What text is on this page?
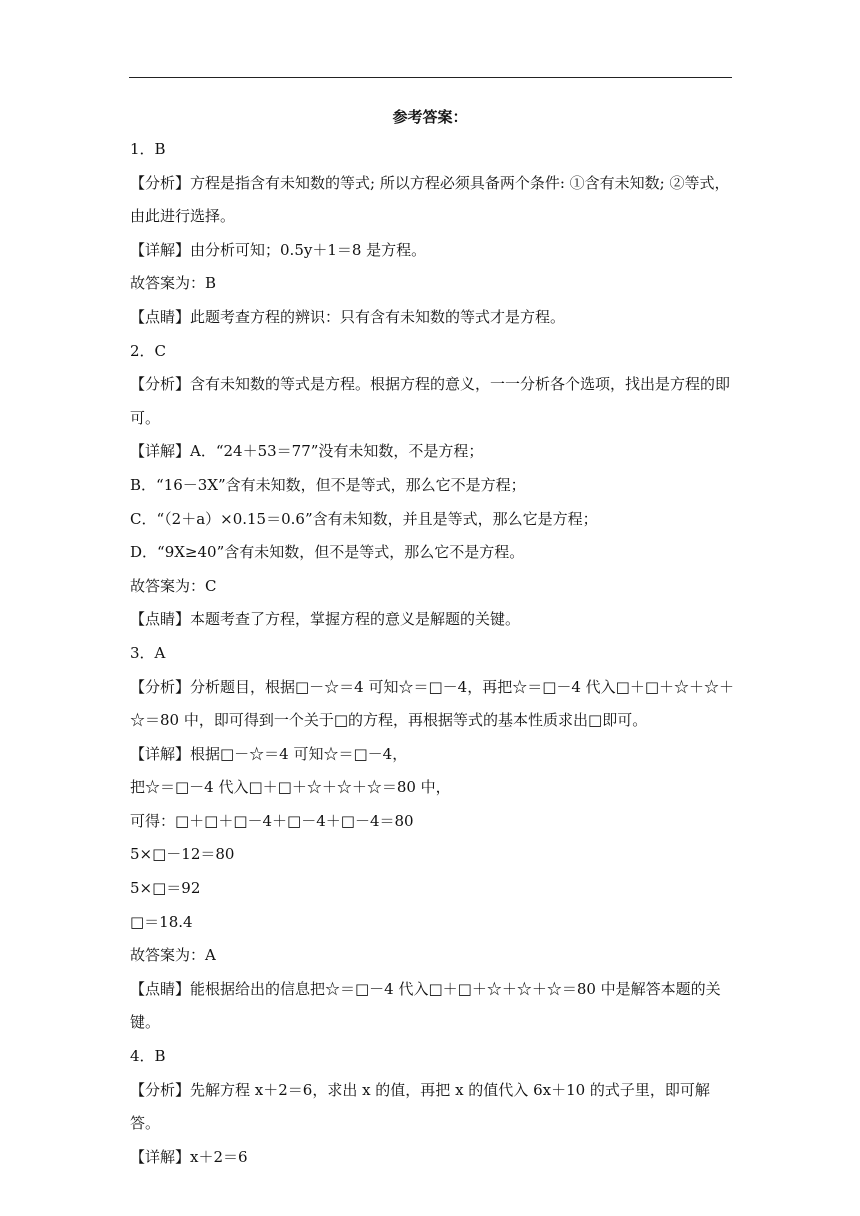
参考答案：
1．B
【分析】方程是指含有未知数的等式; 所以方程必须具备两个条件: ①含有未知数; ②等式，由此进行选择。
【详解】由分析可知；0.5y＋1＝8 是方程。
故答案为：B
【点睛】此题考查方程的辨识：只有含有未知数的等式才是方程。
2．C
【分析】含有未知数的等式是方程。根据方程的意义，一一分析各个选项，找出是方程的即可。
【详解】A．“24＋53＝77”没有未知数，不是方程；
B．“16－3X”含有未知数，但不是等式，那么它不是方程；
C．“（2＋a）×0.15＝0.6”含有未知数，并且是等式，那么它是方程；
D．“9X≥40”含有未知数，但不是等式，那么它不是方程。
故答案为：C
【点睛】本题考查了方程，掌握方程的意义是解题的关键。
3．A
【分析】分析题目，根据□－☆＝4 可知☆＝□－4，再把☆＝□－4 代入□＋□＋☆＋☆＋☆＝80 中，即可得到一个关于□的方程，再根据等式的基本性质求出□即可。
【详解】根据□－☆＝4 可知☆＝□－4，
把☆＝□－4 代入□＋□＋☆＋☆＋☆＝80 中，
可得：□＋□＋□－4＋□－4＋□－4＝80
5×□－12＝80
5×□＝92
□＝18.4
故答案为：A
【点睛】能根据给出的信息把☆＝□－4 代入□＋□＋☆＋☆＋☆＝80 中是解答本题的关键。
4．B
【分析】先解方程 x＋2＝6，求出 x 的值，再把 x 的值代入 6x＋10 的式子里，即可解答。
【详解】x＋2＝6
